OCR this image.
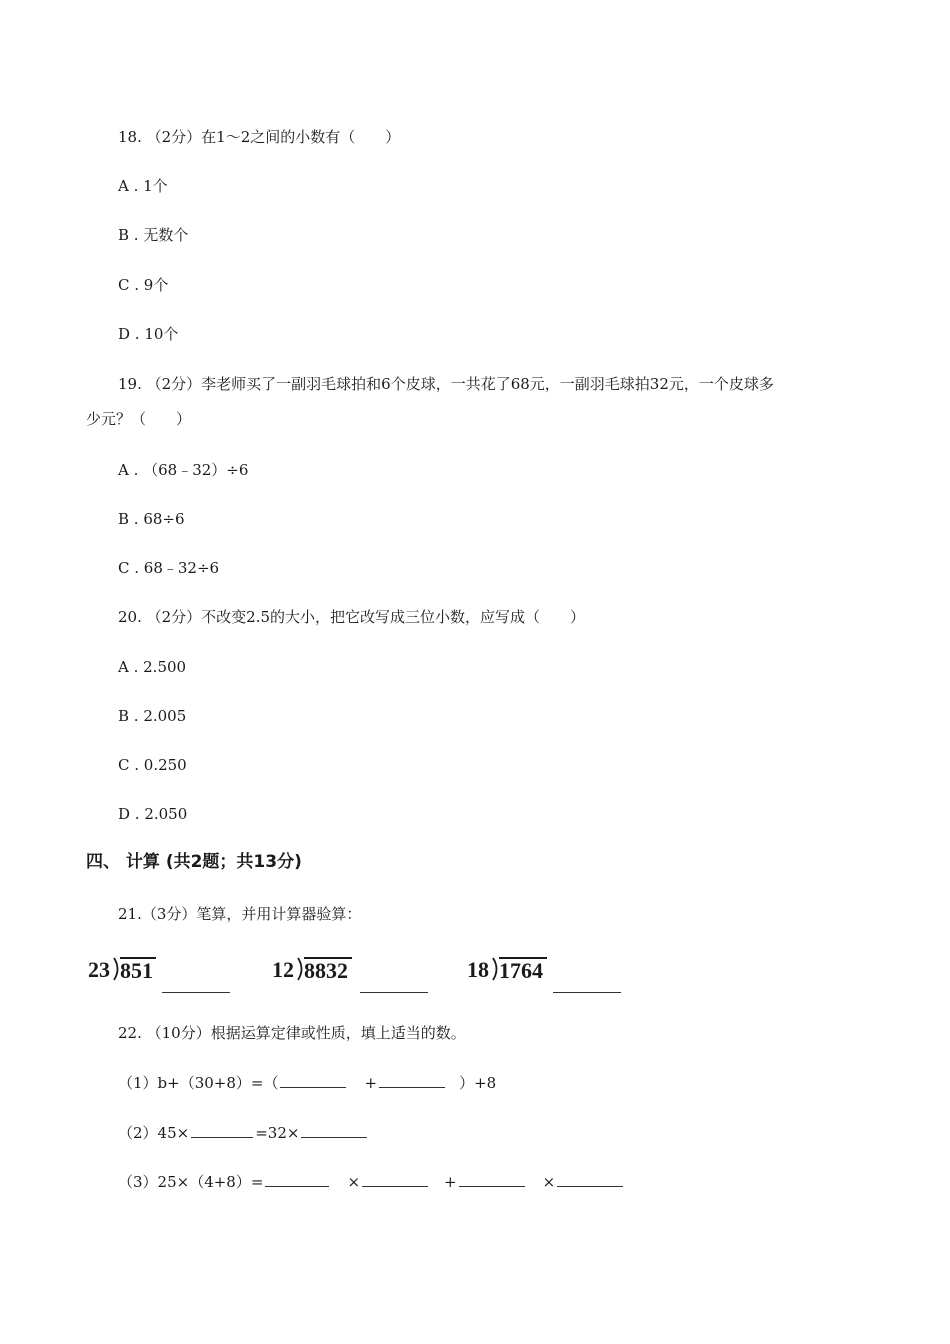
18. （2分）在1～2之间的小数有（　　）
A . 1个
B . 无数个
C . 9个
D . 10个
19. （2分）李老师买了一副羽毛球拍和6个皮球，一共花了68元，一副羽毛球拍32元，一个皮球多
少元？（　　）
A . （68﹣32）÷6
B . 68÷6
C . 68﹣32÷6
20. （2分）不改变2.5的大小，把它改写成三位小数，应写成（　　）
A . 2.500
B . 2.005
C . 0.250
D . 2.050
四、 计算 (共2题；共13分)
21.（3分）笔算，并用计算器验算：
23 851	12 8832	18 1764
22. （10分）根据运算定律或性质，填上适当的数。
（1）b+（30+8）=（	+	）+8
（2）45×	=32×
（3）25×（4+8）=	×	+	×
